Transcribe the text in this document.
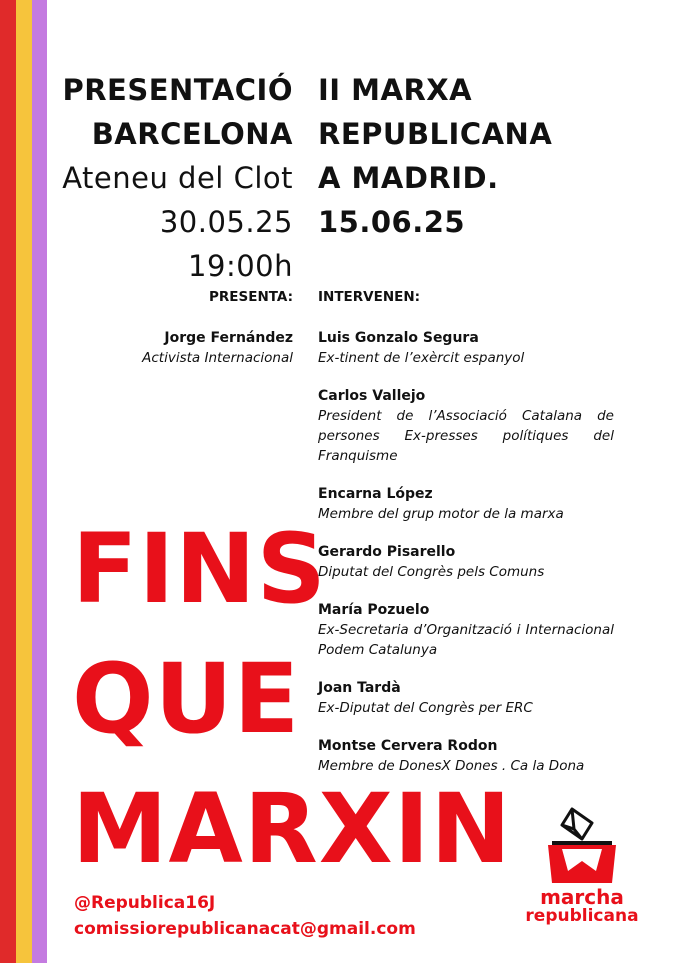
PRESENTACIÓ
BARCELONA
Ateneu del Clot
30.05.25
19:00h
II MARXA
REPUBLICANA
A MADRID.
15.06.25
PRESENTA: INTERVENEN:
Jorge Fernández
Activista Internacional
Luis Gonzalo Segura
Ex-tinent de l’exèrcit espanyol
Carlos Vallejo
President de l’Associació Catalana de persones Ex-presses polítiques del Franquisme
Encarna López
Membre del grup motor de la marxa
Gerardo Pisarello
Diputat del Congrès pels Comuns
María Pozuelo
Ex-Secretaria d’Organització i Internacional Podem Catalunya
Joan Tardà
Ex-Diputat del Congrès per ERC
Montse Cervera Rodon
Membre de DonesX Dones . Ca la Dona
FINS
QUE
MARXIN
@Republica16J
comissiorepublicanacat@gmail.com
marcha
republicana
